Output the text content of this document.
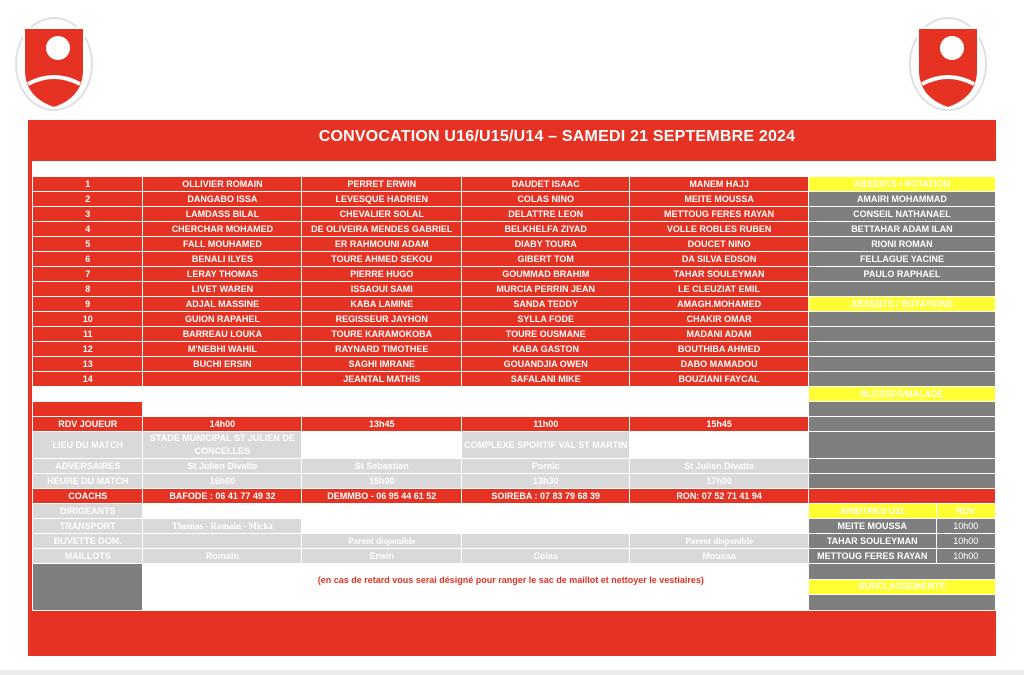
CONVOCATION U16/U15/U14 – SAMEDI 21 SEPTEMBRE 2024
EQUIPES	U16	U15	U14	U14/U15	INFORMATIONS	
1	OLLIVIER ROMAIN	PERRET ERWIN	DAUDET ISAAC	MANEM HAJJ	ABSENTS / ROTATION	
2	DANGABO ISSA	LEVESQUE HADRIEN	COLAS NINO	MEITE MOUSSA	AMAIRI MOHAMMAD	
3	LAMDASS BILAL	CHEVALIER SOLAL	DELATTRE LEON	METTOUG FERES RAYAN	CONSEIL NATHANAEL	
4	CHERCHAR MOHAMED	DE OLIVEIRA MENDES GABRIEL	BELKHELFA ZIYAD	VOLLE ROBLES RUBEN	BETTAHAR ADAM ILAN	
5	FALL MOUHAMED	ER RAHMOUNI ADAM	DIABY TOURA	DOUCET NINO	RIONI ROMAN	
6	BENALI ILYES	TOURE AHMED SEKOU	GIBERT TOM	DA SILVA EDSON	FELLAGUE YACINE	
7	LERAY THOMAS	PIERRE HUGO	GOUMMAD BRAHIM	TAHAR SOULEYMAN	PAULO RAPHAEL	
8	LIVET WAREN	ISSAOUI SAMI	MURCIA PERRIN JEAN	LE CLEUZIAT EMIL		
9	ADJAL MASSINE	KABA LAMINE	SANDA TEDDY	AMAGH.MOHAMED	ABSENTS / ROTATIONS	
10	GUION RAPAHEL	REGISSEUR JAYHON	SYLLA FODE	CHAKIR OMAR		
11	BARREAU LOUKA	TOURE KARAMOKOBA	TOURE OUSMANE	MADANI ADAM		
12	M'NEBHI WAHIL	RAYNARD TIMOTHEE	KABA GASTON	BOUTHIBA AHMED		
13	BUCHI ERSIN	SAGHI IMRANE	GOUANDJIA OWEN	DABO MAMADOU		
14		JEANTAL MATHIS	SAFALANI MIKE	BOUZIANI FAYCAL		
TERRAIN	SYNTHETIQUE	SYNTHETIQUE	SYNTHETIQUE	SYNTHETIQUE	BLESSES/MALADE	
	ARBITRE OFFICIEL					
RDV JOUEUR	14h00	13h45	11h00	15h45		
LIEU DU MATCH	STADE MUNICIPAL ST JULIEN DE CONCELLES	NOE LAMBERT	COMPLEXE SPORTIF VAL ST MARTIN	NOE LAMBERT		
ADVERSAIRES	St Julien Divatte	St Sebastien	Pornic	St Julien Divatte		
HEURE DU MATCH	16h00	15h00	13h30	17h00		
COACHS	BAFODE : 06 41 77 49 32	DEMMBO - 06 95 44 61 52	SOIREBA : 07 83 79 68 39	RON: 07 52 71 41 94		
DIRIGEANTS	JULIEN: 06 41 22 94 85		LUDOVIC: 07 83 73 85 80	MATHIAS: 06 30 42 26 83	ARBITRES U11	RDV
TRANSPORT	Thomas - Romain - Micka		Teddy - Jean - Gaston		MEITE MOUSSA	10h00
BUVETTE DOM.		Parent disponible		Parent disponible	TAHAR SOULEYMAN	10h00
MAILLOTS	Romain	Erwin	Colas	Moussa	METTOUG FERES RAYAN	10h00

	*Soyer à l'heure (en cas de retard vous serai désigné pour ranger le sac de maillot et nettoyer le vestiaires)
*Chaussettes rouges, Protèges tibias, Gourde ou Bouteille d'eau / *DOUCHE OBLIGATOIRE					

					SURCLASSEMENTS	
